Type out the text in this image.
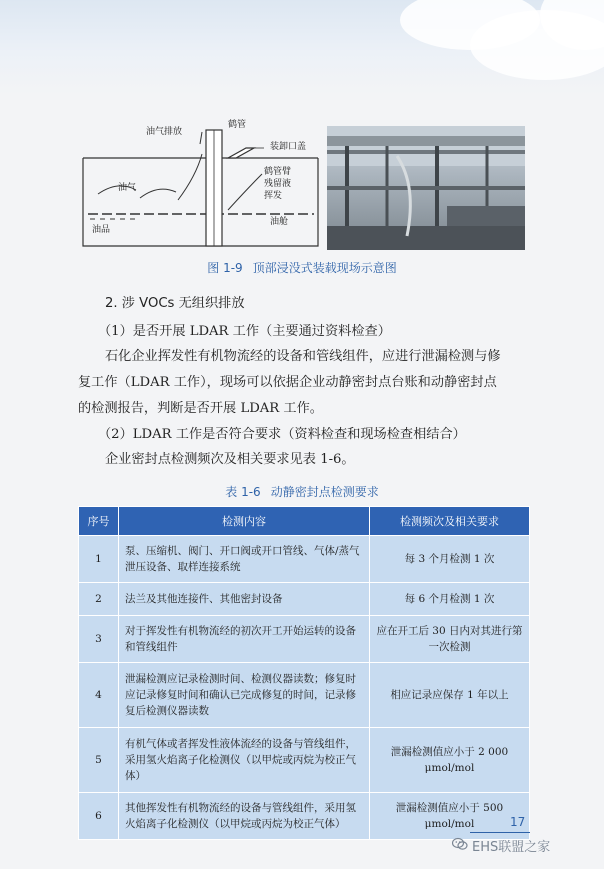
油气排放
鹤管
装卸口盖
鹤管臂
残留液
挥发
油气
油品
油舱
图 1-9 顶部浸没式装载现场示意图
2. 涉 VOCs 无组织排放
（1）是否开展 LDAR 工作（主要通过资料检查）
石化企业挥发性有机物流经的设备和管线组件，应进行泄漏检测与修
复工作（LDAR 工作），现场可以依据企业动静密封点台账和动静密封点
的检测报告，判断是否开展 LDAR 工作。
（2）LDAR 工作是否符合要求（资料检查和现场检查相结合）
企业密封点检测频次及相关要求见表 1-6。
表 1-6 动静密封点检测要求
序号	检测内容	检测频次及相关要求
1	泵、压缩机、阀门、开口阀或开口管线、气体/蒸气泄压设备、取样连接系统	每 3 个月检测 1 次
2	法兰及其他连接件、其他密封设备	每 6 个月检测 1 次
3	对于挥发性有机物流经的初次开工开始运转的设备和管线组件	应在开工后 30 日内对其进行第一次检测
4	泄漏检测应记录检测时间、检测仪器读数；修复时应记录修复时间和确认已完成修复的时间，记录修复后检测仪器读数	相应记录应保存 1 年以上
5	有机气体或者挥发性液体流经的设备与管线组件，采用氢火焰离子化检测仪（以甲烷或丙烷为校正气体）	泄漏检测值应小于 2 000 μmol/mol
6	其他挥发性有机物流经的设备与管线组件，采用氢火焰离子化检测仪（以甲烷或丙烷为校正气体）	泄漏检测值应小于 500 μmol/mol	17
EHS联盟之家
